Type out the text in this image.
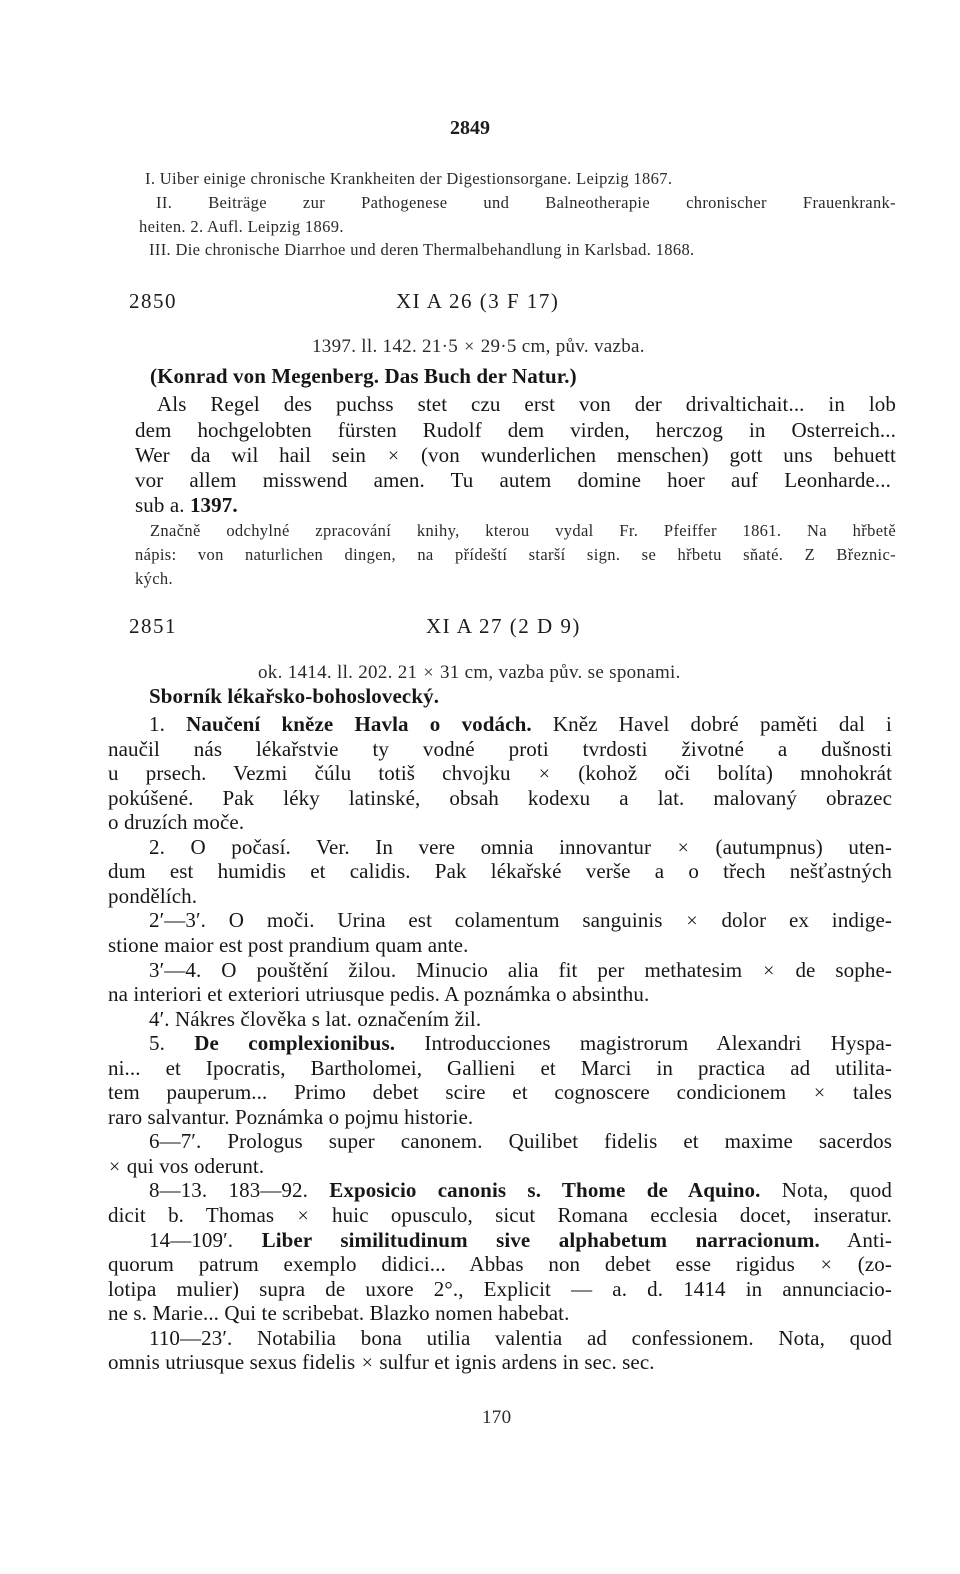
2849
I. Uiber einige chronische Krankheiten der Digestionsorgane. Leipzig 1867.
II. Beiträge zur Pathogenese und Balneotherapie chronischer Frauenkrank-
heiten. 2. Aufl. Leipzig 1869.
III. Die chronische Diarrhoe und deren Thermalbehandlung in Karlsbad. 1868.
2850	XI A 26 (3 F 17)
1397. ll. 142. 21·5 × 29·5 cm, pův. vazba.
(Konrad von Megenberg. Das Buch der Natur.)
Als Regel des puchss stet czu erst von der drivaltichait... in lob
dem hochgelobten fürsten Rudolf dem virden, herczog in Osterreich...
Wer da wil hail sein × (von wunderlichen menschen) gott uns behuett
vor allem misswend amen. Tu autem domine hoer auf Leonharde...
sub a. 1397.
Značně odchylné zpracování knihy, kterou vydal Fr. Pfeiffer 1861. Na hřbetě
nápis: von naturlichen dingen, na přídeští starší sign. se hřbetu sňaté. Z Březnic-
kých.
2851	XI A 27 (2 D 9)
ok. 1414. ll. 202. 21 × 31 cm, vazba pův. se sponami.
Sborník lékařsko-bohoslovecký.
1. Naučení kněze Havla o vodách. Kněz Havel dobré paměti dal i
naučil nás lékařstvie ty vodné proti tvrdosti životné a dušnosti
u prsech. Vezmi čúlu totiš chvojku × (kohož oči bolíta) mnohokrát
pokúšené. Pak léky latinské, obsah kodexu a lat. malovaný obrazec
o druzích moče.
2. O počasí. Ver. In vere omnia innovantur × (autumpnus) uten-
dum est humidis et calidis. Pak lékařské verše a o třech nešťastných
pondělích.
2′—3′. O moči. Urina est colamentum sanguinis × dolor ex indige-
stione maior est post prandium quam ante.
3′—4. O pouštění žilou. Minucio alia fit per methatesim × de sophe-
na interiori et exteriori utriusque pedis. A poznámka o absinthu.
4′. Nákres člověka s lat. označením žil.
5. De complexionibus. Introducciones magistrorum Alexandri Hyspa-
ni... et Ipocratis, Bartholomei, Gallieni et Marci in practica ad utilita-
tem pauperum... Primo debet scire et cognoscere condicionem × tales
raro salvantur. Poznámka o pojmu historie.
6—7′. Prologus super canonem. Quilibet fidelis et maxime sacerdos
× qui vos oderunt.
8—13. 183—92. Exposicio canonis s. Thome de Aquino. Nota, quod
dicit b. Thomas × huic opusculo, sicut Romana ecclesia docet, inseratur.
14—109′. Liber similitudinum sive alphabetum narracionum. Anti-
quorum patrum exemplo didici... Abbas non debet esse rigidus × (zo-
lotipa mulier) supra de uxore 2°., Explicit — a. d. 1414 in annunciacio-
ne s. Marie... Qui te scribebat. Blazko nomen habebat.
110—23′. Notabilia bona utilia valentia ad confessionem. Nota, quod
omnis utriusque sexus fidelis × sulfur et ignis ardens in sec. sec.
170
